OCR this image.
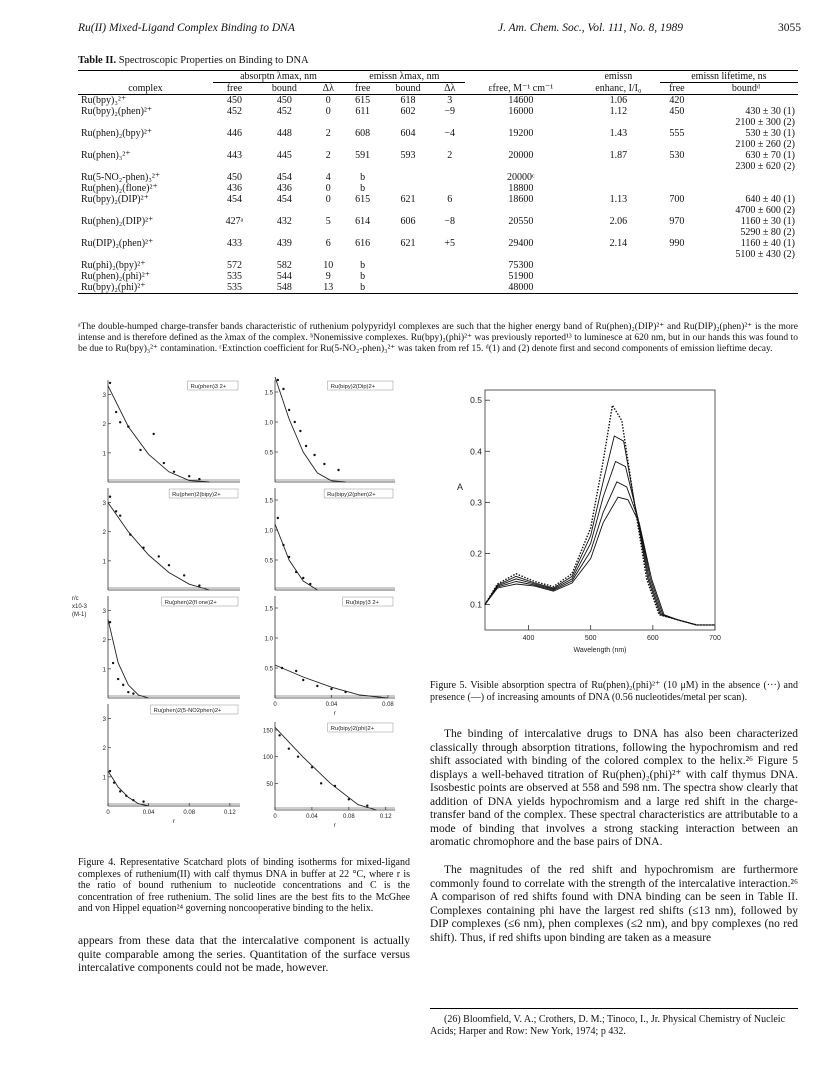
Ru(II) Mixed-Ligand Complex Binding to DNA	J. Am. Chem. Soc., Vol. 111, No. 8, 1989	3055
Table II. Spectroscopic Properties on Binding to DNA
	absorptn λmax, nm			emissn λmax, nm				emissn	emissn lifetime, ns	
complex	free	bound	Δλ	free	bound	Δλ	εfree, M⁻¹ cm⁻¹	enhanc, I/I₀	free	boundᵈ
Ru(bpy)₃²⁺	450	450	0	615	618	3	14600	1.06	420	
Ru(bpy)₂(phen)²⁺	452	452	0	611	602	−9	16000	1.12	450	430 ± 30 (1)
2100 ± 300 (2)
Ru(phen)₂(bpy)²⁺	446	448	2	608	604	−4	19200	1.43	555	530 ± 30 (1)
2100 ± 260 (2)
Ru(phen)₃²⁺	443	445	2	591	593	2	20000	1.87	530	630 ± 70 (1)
2300 ± 620 (2)
Ru(5-NO₂-phen)₃²⁺	450	454	4	b			20000ᶜ			
Ru(phen)₂(flone)²⁺	436	436	0	b			18800			
Ru(bpy)₂(DIP)²⁺	454	454	0	615	621	6	18600	1.13	700	640 ± 40 (1)
4700 ± 600 (2)
Ru(phen)₂(DIP)²⁺	427ᵃ	432	5	614	606	−8	20550	2.06	970	1160 ± 30 (1)
5290 ± 80 (2)
Ru(DIP)₂(phen)²⁺	433	439	6	616	621	+5	29400	2.14	990	1160 ± 40 (1)
5100 ± 430 (2)
Ru(phi)₂(bpy)²⁺	572	582	10	b			75300			
Ru(phen)₂(phi)²⁺	535	544	9	b			51900			
Ru(bpy)₂(phi)²⁺	535	548	13	b			48000			
ᵃThe double-humped charge-transfer bands characteristic of ruthenium polypyridyl complexes are such that the higher energy band of Ru(phen)₂(DIP)²⁺ and Ru(DIP)₂(phen)²⁺ is the more intense and is therefore defined as the λmax of the complex. ᵇNonemissive complexes. Ru(bpy)₂(phi)²⁺ was previously reported¹³ to luminesce at 620 nm, but in our hands this was found to be due to Ru(bpy)₃²⁺ contamination. ᶜExtinction coefficient for Ru(5-NO₂-phen)₃²⁺ was taken from ref 15. ᵈ(1) and (2) denote first and second components of emission lieftime decay.
1
2
3
Ru(phen)3 2+
1
2
3
Ru(phen)2(bipy)2+
1
2
3
Ru(phen)2(fl one)2+
1
2
3
Ru(phen)2(5-NO2phen)2+
0	0.04	0.08	0.12
r
0.5
1.0
1.5
Ru(bipy)2(Dip)2+
0.5
1.0
1.5
Ru(bipy)2(phen)2+
0.5
1.0
1.5
Ru(bipy)3 2+
0	0.04	0.08
r
50
100
150	Ru(bipy)2(phi)2+
0	0.04	0.08	0.12
r
r/c
x10-3
(M-1)
Figure 4. Representative Scatchard plots of binding isotherms for mixed-ligand complexes of ruthenium(II) with calf thymus DNA in buffer at 22 °C, where r is the ratio of bound ruthenium to nucleotide concentrations and C is the concentration of free ruthenium. The solid lines are the best fits to the McGhee and von Hippel equation²⁴ governing noncooperative binding to the helix.
appears from these data that the intercalative component is actually quite comparable among the series. Quantitation of the surface versus intercalative components could not be made, however.
0.1
0.2
0.3
0.4
0.5
400	500	600	700
Wavelength (nm)
A
Figure 5. Visible absorption spectra of Ru(phen)₂(phi)²⁺ (10 μM) in the absence (···) and presence (—) of increasing amounts of DNA (0.56 nucleotides/metal per scan).
The binding of intercalative drugs to DNA has also been characterized classically through absorption titrations, following the hypochromism and red shift associated with binding of the colored complex to the helix.²⁶ Figure 5 displays a well-behaved titration of Ru(phen)₂(phi)²⁺ with calf thymus DNA. Isosbestic points are observed at 558 and 598 nm. The spectra show clearly that addition of DNA yields hypochromism and a large red shift in the charge-transfer band of the complex. These spectral characteristics are attributable to a mode of binding that involves a strong stacking interaction between an aromatic chromophore and the base pairs of DNA.
The magnitudes of the red shift and hypochromism are furthermore commonly found to correlate with the strength of the intercalative interaction.²⁶ A comparison of red shifts found with DNA binding can be seen in Table II. Complexes containing phi have the largest red shifts (≤13 nm), followed by DIP complexes (≤6 nm), phen complexes (≤2 nm), and bpy complexes (no red shift). Thus, if red shifts upon binding are taken as a measure
(26) Bloomfield, V. A.; Crothers, D. M.; Tinoco, I., Jr. Physical Chemistry of Nucleic Acids; Harper and Row: New York, 1974; p 432.
